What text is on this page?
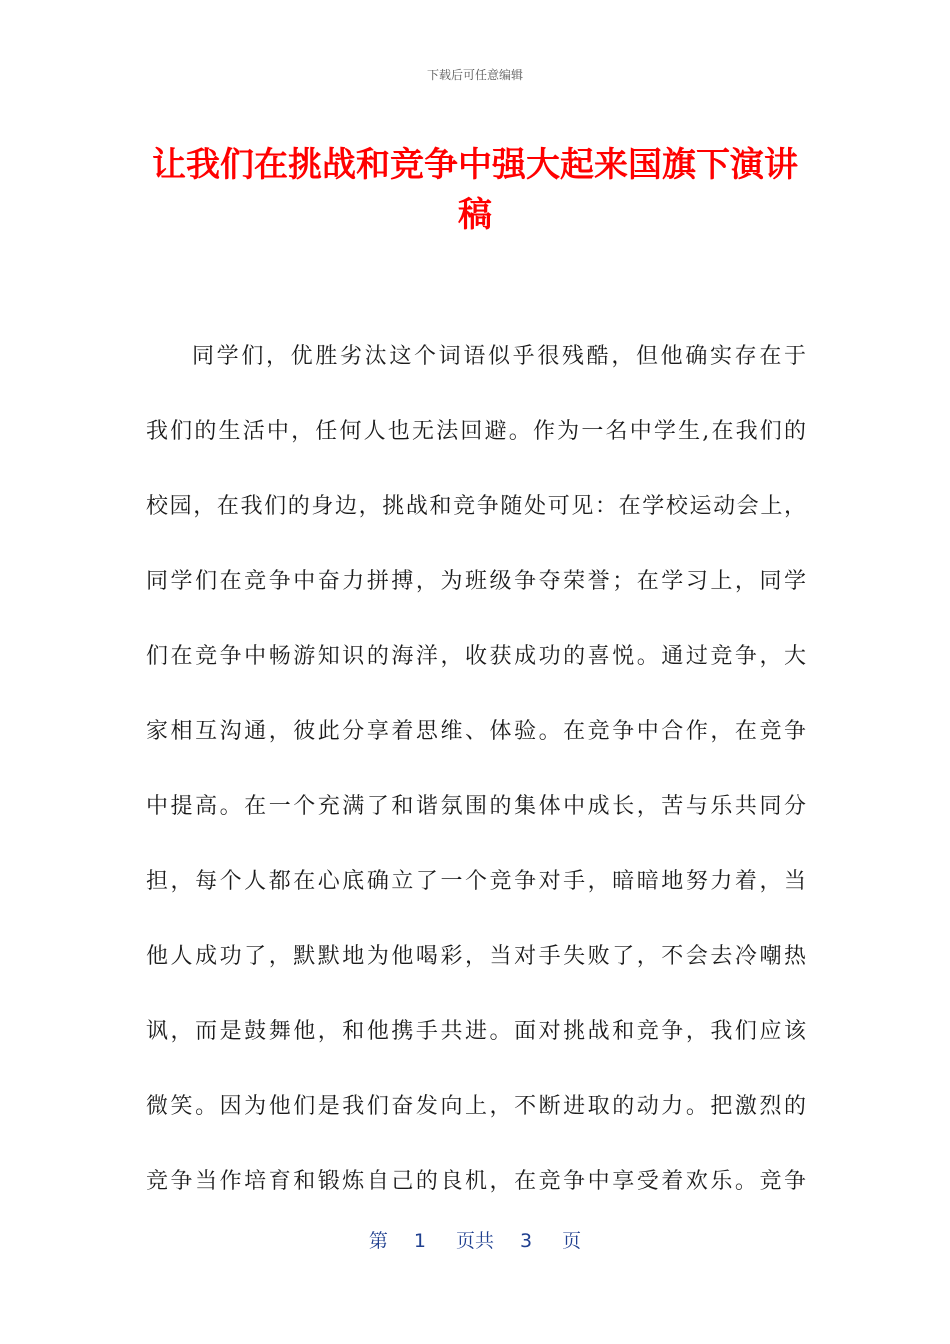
下载后可任意编辑
让我们在挑战和竞争中强大起来国旗下演讲
稿
同学们，优胜劣汰这个词语似乎很残酷，但他确实存在于
我们的生活中，任何人也无法回避。作为一名中学生,在我们的
校园，在我们的身边，挑战和竞争随处可见：在学校运动会上，
同学们在竞争中奋力拼搏，为班级争夺荣誉；在学习上，同学
们在竞争中畅游知识的海洋，收获成功的喜悦。通过竞争，大
家相互沟通，彼此分享着思维、体验。在竞争中合作，在竞争
中提高。在一个充满了和谐氛围的集体中成长，苦与乐共同分
担，每个人都在心底确立了一个竞争对手，暗暗地努力着，当
他人成功了，默默地为他喝彩，当对手失败了，不会去冷嘲热
讽，而是鼓舞他，和他携手共进。面对挑战和竞争，我们应该
微笑。因为他们是我们奋发向上，不断进取的动力。把激烈的
竞争当作培育和锻炼自己的良机，在竞争中享受着欢乐。竞争
第 1 页共 3 页
